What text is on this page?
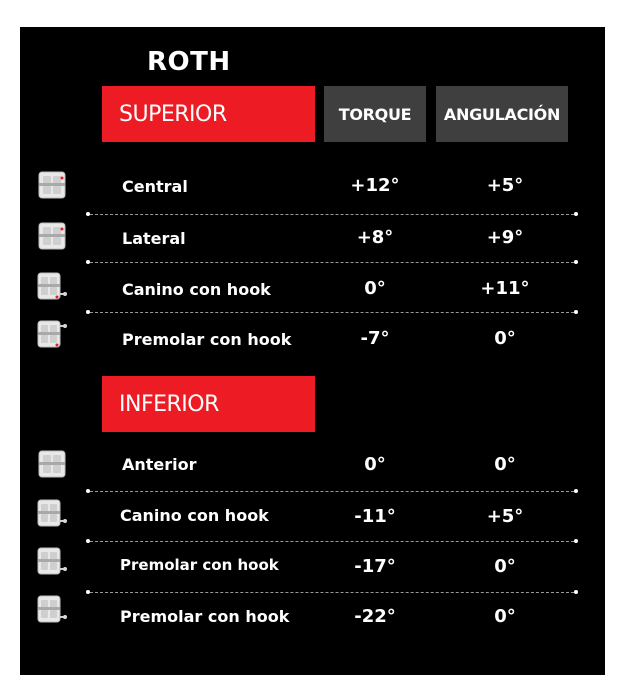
ROTH
SUPERIOR	TORQUE	ANGULACIÓN
Central	+12°	+5°
Lateral	+8°	+9°
Canino con hook	0°	+11°
Premolar con hook	-7°	0°
INFERIOR
Anterior	0°	0°
Canino con hook	-11°	+5°
Premolar con hook	-17°	0°
Premolar con hook	-22°	0°
